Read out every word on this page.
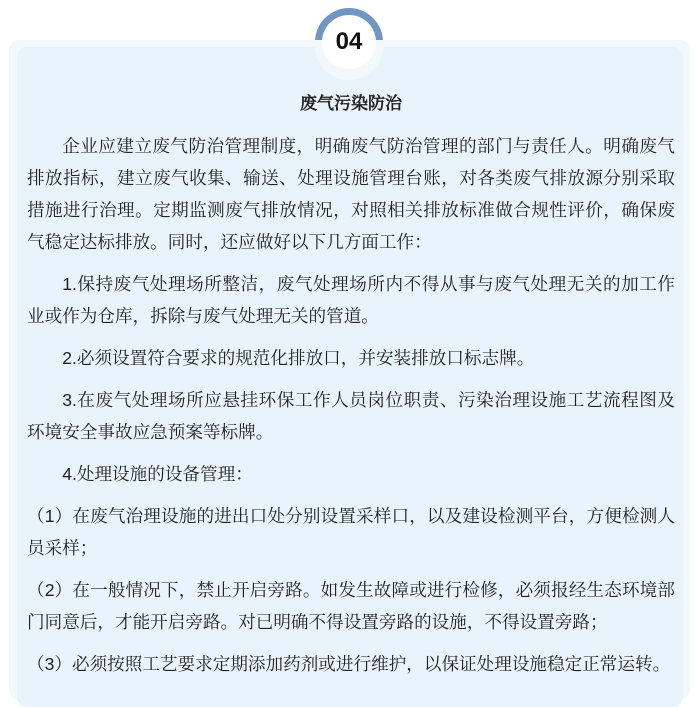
04
废气污染防治

企业应建立废气防治管理制度，明确废气防治管理的部门与责任人。明确废气排放指标，建立废气收集、输送、处理设施管理台账，对各类废气排放源分别采取措施进行治理。定期监测废气排放情况，对照相关排放标准做合规性评价，确保废气稳定达标排放。同时，还应做好以下几方面工作：

1.保持废气处理场所整洁，废气处理场所内不得从事与废气处理无关的加工作业或作为仓库，拆除与废气处理无关的管道。

2.必须设置符合要求的规范化排放口，并安装排放口标志牌。

3.在废气处理场所应悬挂环保工作人员岗位职责、污染治理设施工艺流程图及环境安全事故应急预案等标牌。

4.处理设施的设备管理：

（1）在废气治理设施的进出口处分别设置采样口，以及建设检测平台，方便检测人员采样；

（2）在一般情况下，禁止开启旁路。如发生故障或进行检修，必须报经生态环境部门同意后，才能开启旁路。对已明确不得设置旁路的设施，不得设置旁路；

（3）必须按照工艺要求定期添加药剂或进行维护，以保证处理设施稳定正常运转。
